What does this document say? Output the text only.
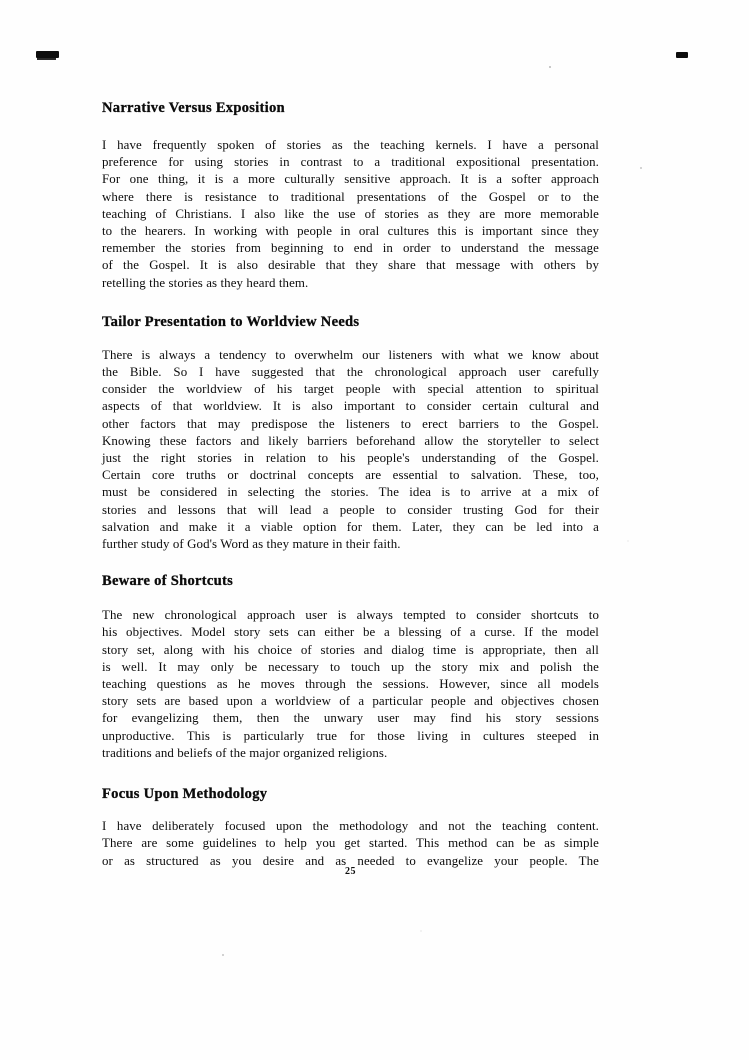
Narrative Versus Exposition
I have frequently spoken of stories as the teaching kernels. I have a personal
preference for using stories in contrast to a traditional expositional presentation.
For one thing, it is a more culturally sensitive approach. It is a softer approach
where there is resistance to traditional presentations of the Gospel or to the
teaching of Christians. I also like the use of stories as they are more memorable
to the hearers. In working with people in oral cultures this is important since they
remember the stories from beginning to end in order to understand the message
of the Gospel. It is also desirable that they share that message with others by
retelling the stories as they heard them.
Tailor Presentation to Worldview Needs
There is always a tendency to overwhelm our listeners with what we know about
the Bible. So I have suggested that the chronological approach user carefully
consider the worldview of his target people with special attention to spiritual
aspects of that worldview. It is also important to consider certain cultural and
other factors that may predispose the listeners to erect barriers to the Gospel.
Knowing these factors and likely barriers beforehand allow the storyteller to select
just the right stories in relation to his people's understanding of the Gospel.
Certain core truths or doctrinal concepts are essential to salvation. These, too,
must be considered in selecting the stories. The idea is to arrive at a mix of
stories and lessons that will lead a people to consider trusting God for their
salvation and make it a viable option for them. Later, they can be led into a
further study of God's Word as they mature in their faith.
Beware of Shortcuts
The new chronological approach user is always tempted to consider shortcuts to
his objectives. Model story sets can either be a blessing of a curse. If the model
story set, along with his choice of stories and dialog time is appropriate, then all
is well. It may only be necessary to touch up the story mix and polish the
teaching questions as he moves through the sessions. However, since all models
story sets are based upon a worldview of a particular people and objectives chosen
for evangelizing them, then the unwary user may find his story sessions
unproductive. This is particularly true for those living in cultures steeped in
traditions and beliefs of the major organized religions.
Focus Upon Methodology
I have deliberately focused upon the methodology and not the teaching content.
There are some guidelines to help you get started. This method can be as simple
or as structured as you desire and as needed to evangelize your people. The
25
